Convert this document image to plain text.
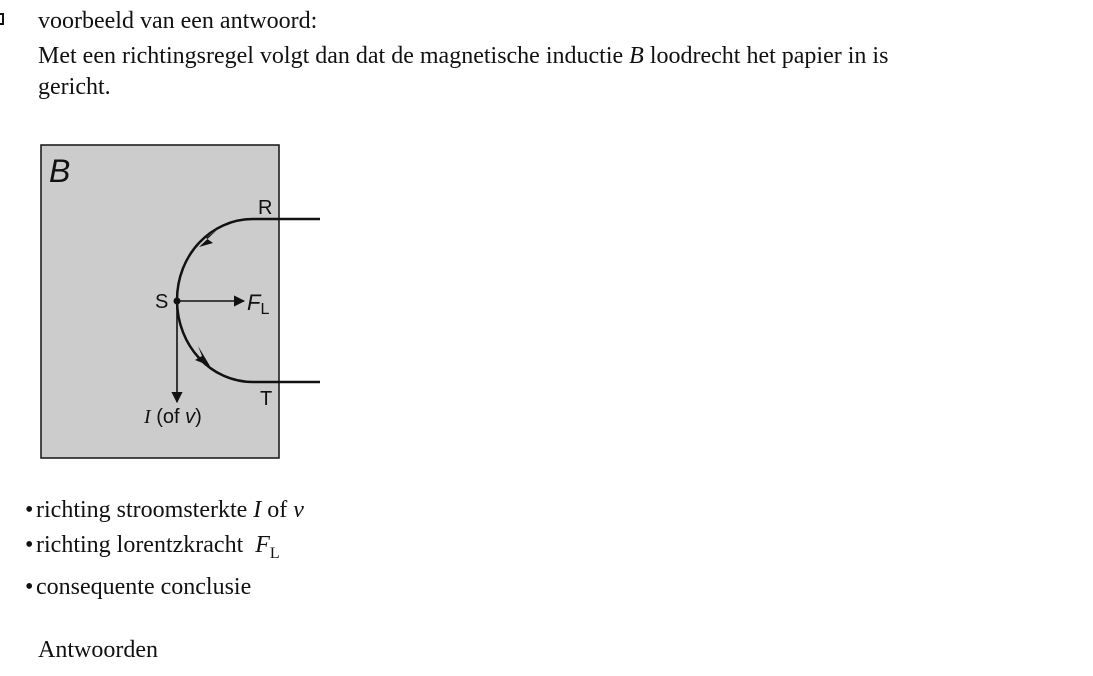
voorbeeld van een antwoord:
Met een richtingsregel volgt dan dat de magnetische inductie B loodrecht het papier in is
gericht.
B
R
S
T
FL
I (of v)
• richting stroomsterkte I of v
• richting lorentzkracht  $F_L$
• consequente conclusie
Antwoorden
